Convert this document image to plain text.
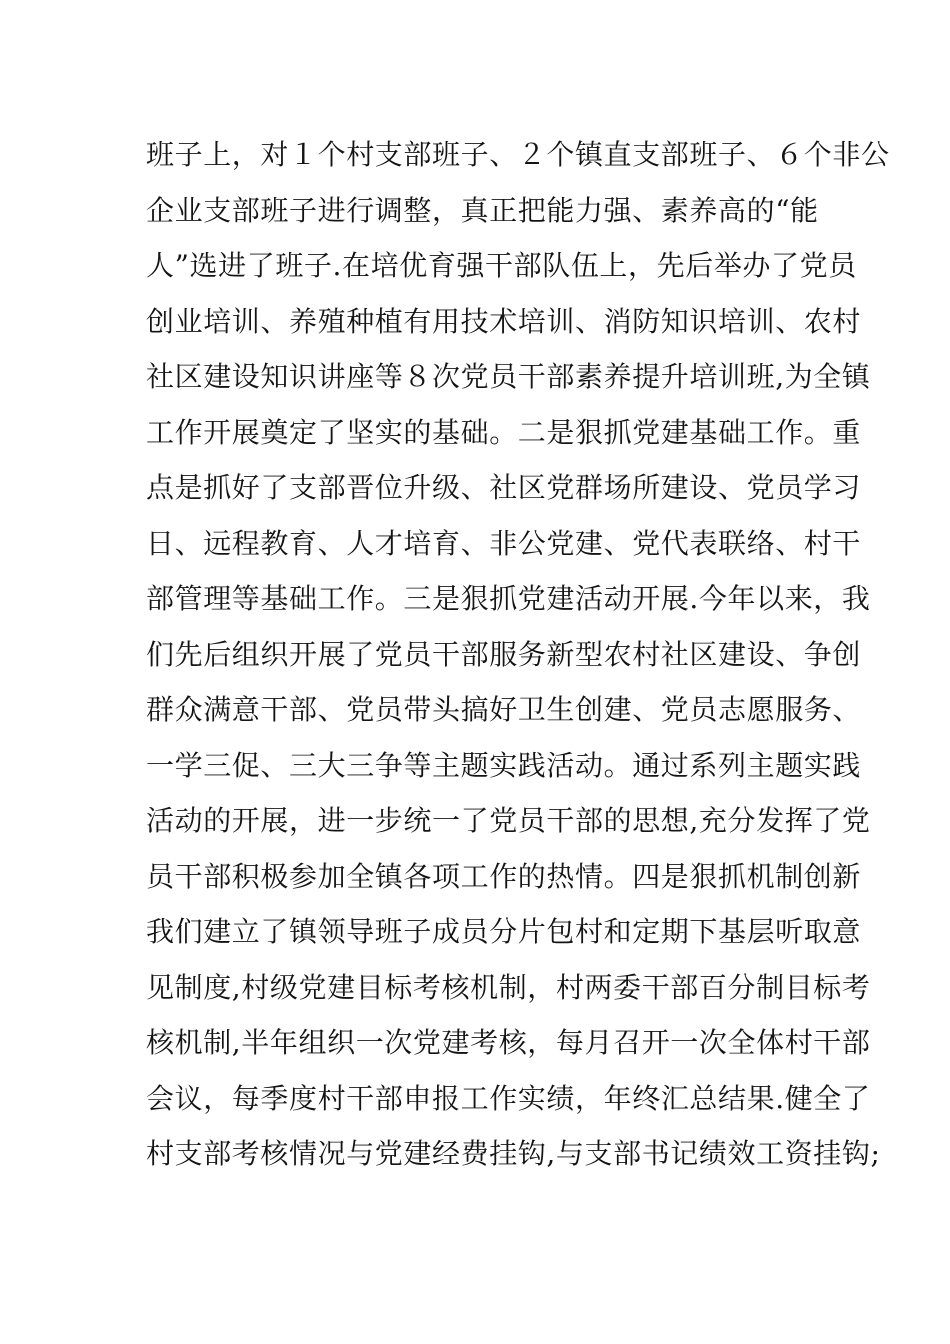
班子上，对１个村支部班子、２个镇直支部班子、６个非公
企业支部班子进行调整，真正把能力强、素养高的“能
人”选进了班子.在培优育强干部队伍上，先后举办了党员
创业培训、养殖种植有用技术培训、消防知识培训、农村
社区建设知识讲座等８次党员干部素养提升培训班,为全镇
工作开展奠定了坚实的基础。二是狠抓党建基础工作。重
点是抓好了支部晋位升级、社区党群场所建设、党员学习
日、远程教育、人才培育、非公党建、党代表联络、村干
部管理等基础工作。三是狠抓党建活动开展.今年以来，我
们先后组织开展了党员干部服务新型农村社区建设、争创
群众满意干部、党员带头搞好卫生创建、党员志愿服务、
一学三促、三大三争等主题实践活动。通过系列主题实践
活动的开展，进一步统一了党员干部的思想,充分发挥了党
员干部积极参加全镇各项工作的热情。四是狠抓机制创新
我们建立了镇领导班子成员分片包村和定期下基层听取意
见制度,村级党建目标考核机制，村两委干部百分制目标考
核机制,半年组织一次党建考核，每月召开一次全体村干部
会议，每季度村干部申报工作实绩，年终汇总结果.健全了
村支部考核情况与党建经费挂钩,与支部书记绩效工资挂钩;
